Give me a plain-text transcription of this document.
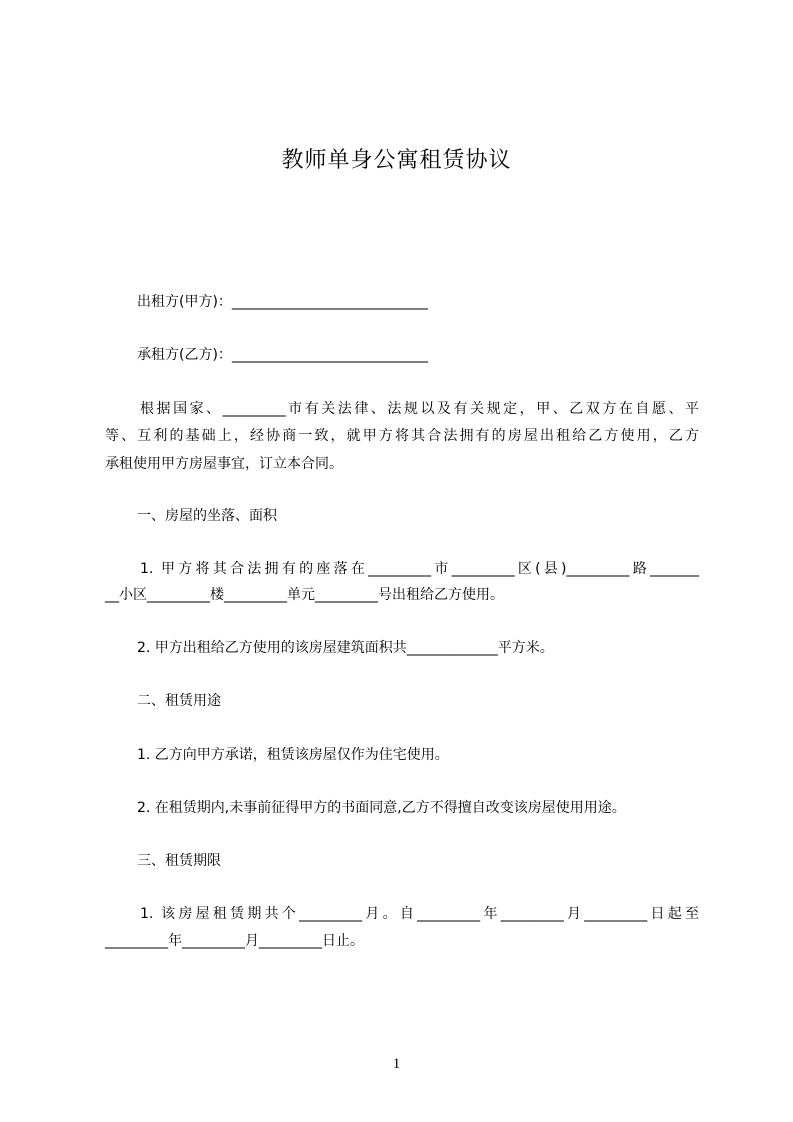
教师单身公寓租赁协议
出租方(甲方)：____________________________
承租方(乙方)：____________________________
根据国家、_________市有关法律、法规以及有关规定，甲、乙双方在自愿、平
等、互利的基础上，经协商一致，就甲方将其合法拥有的房屋出租给乙方使用，乙方
承租使用甲方房屋事宜，订立本合同。
一、房屋的坐落、面积
1. 甲方将其合法拥有的座落在_________市_________区(县)_________路_______
__小区_________楼_________单元_________号出租给乙方使用。
2. 甲方出租给乙方使用的该房屋建筑面积共_____________平方米。
二、租赁用途
1. 乙方向甲方承诺，租赁该房屋仅作为住宅使用。
2. 在租赁期内,未事前征得甲方的书面同意,乙方不得擅自改变该房屋使用用途。
三、租赁期限
1. 该房屋租赁期共个_________月。自_________年_________月_________日起至
_________年_________月_________日止。
1
